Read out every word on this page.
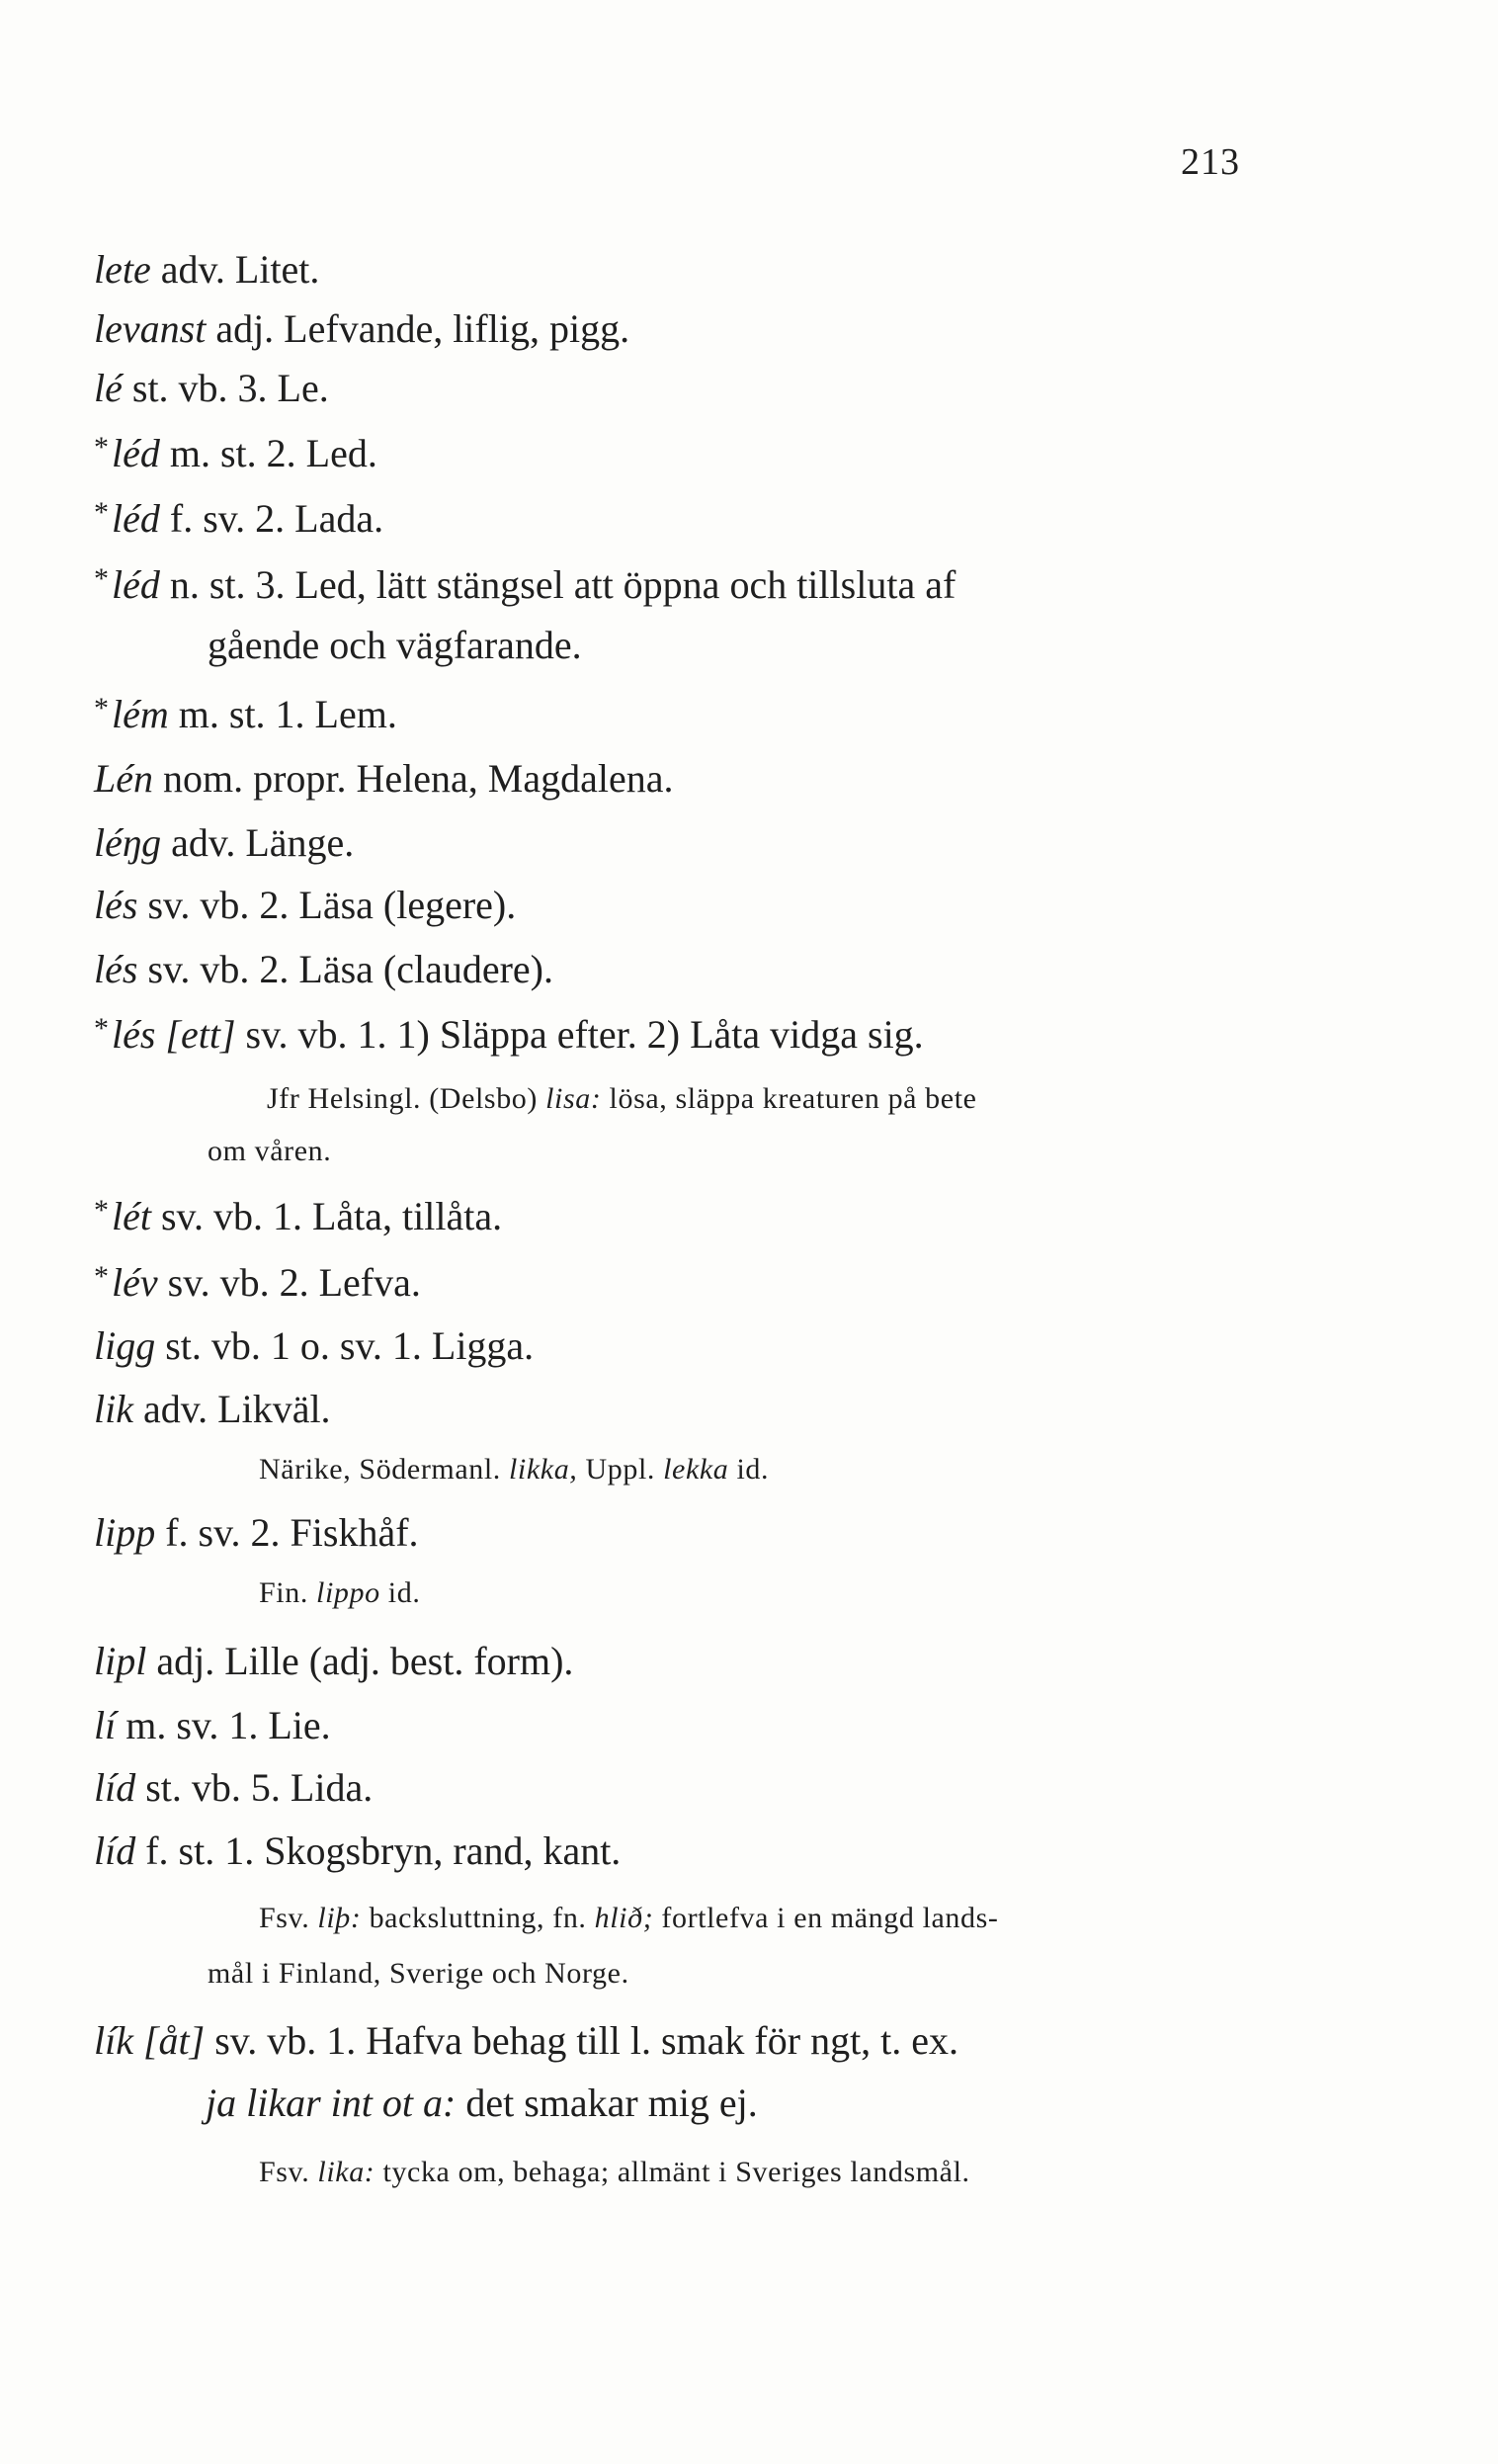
213
lete adv. Litet.
levanst adj. Lefvande, liflig, pigg.
lé st. vb. 3. Le.
*léd m. st. 2. Led.
*léd f. sv. 2. Lada.
*léd n. st. 3. Led, lätt stängsel att öppna och tillsluta af
gående och vägfarande.
*lém m. st. 1. Lem.
Lén nom. propr. Helena, Magdalena.
léŋg adv. Länge.
lés sv. vb. 2. Läsa (legere).
lés sv. vb. 2. Läsa (claudere).
*lés [ett] sv. vb. 1. 1) Släppa efter. 2) Låta vidga sig.
Jfr Helsingl. (Delsbo) lisa: lösa, släppa kreaturen på bete
om våren.
*lét sv. vb. 1. Låta, tillåta.
*lév sv. vb. 2. Lefva.
ligg st. vb. 1 o. sv. 1. Ligga.
lik adv. Likväl.
Närike, Södermanl. likka, Uppl. lekka id.
lipp f. sv. 2. Fiskhåf.
Fin. lippo id.
lipl adj. Lille (adj. best. form).
lí m. sv. 1. Lie.
líd st. vb. 5. Lida.
líd f. st. 1. Skogsbryn, rand, kant.
Fsv. liþ: backsluttning, fn. hlið; fortlefva i en mängd lands-
mål i Finland, Sverige och Norge.
lík [åt] sv. vb. 1. Hafva behag till l. smak för ngt, t. ex.
ja likar int ot a: det smakar mig ej.
Fsv. lika: tycka om, behaga; allmänt i Sveriges landsmål.
